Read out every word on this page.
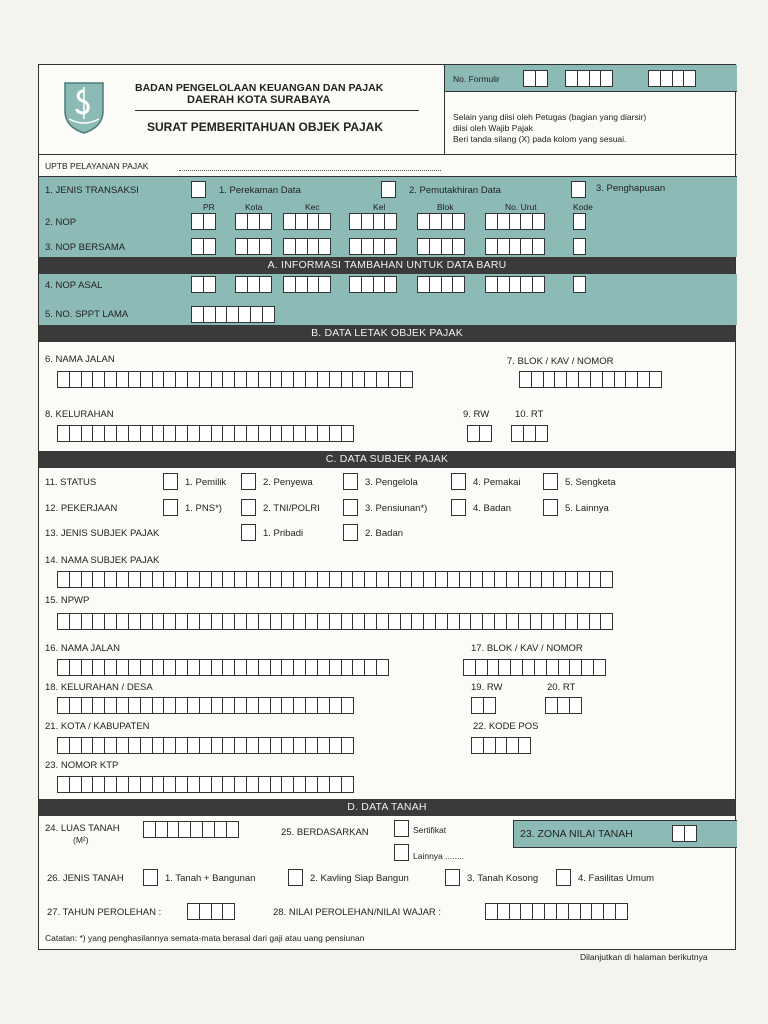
BADAN PENGELOLAAN KEUANGAN DAN PAJAK
DAERAH KOTA SURABAYA
SURAT PEMBERITAHUAN OBJEK PAJAK
No. Formulir
Selain yang diisi oleh Petugas (bagian yang diarsir)
diisi oleh Wajib Pajak
Beri tanda silang (X) pada kolom yang sesuai.
UPTB PELAYANAN PAJAK
1. JENIS TRANSAKSI	1. Perekaman Data	2. Pemutakhiran Data	3. Penghapusan
PR	Kota	Kec	Kel	Blok	No. Urut	Kode
2. NOP
3. NOP BERSAMA
A. INFORMASI TAMBAHAN UNTUK DATA BARU
4. NOP ASAL
5. NO. SPPT LAMA
B. DATA LETAK OBJEK PAJAK
6. NAMA JALAN	7. BLOK / KAV / NOMOR
8. KELURAHAN	9. RW	10. RT
C. DATA SUBJEK PAJAK
11. STATUS
12. PEKERJAAN
13. JENIS SUBJEK PAJAK
14. NAMA SUBJEK PAJAK
15. NPWP
16. NAMA JALAN	17. BLOK / KAV / NOMOR
18. KELURAHAN / DESA	19. RW	20. RT
21. KOTA / KABUPATEN	22. KODE POS
23. NOMOR KTP
D. DATA TANAH
24. LUAS TANAH
(M²)
25. BERDASARKAN	Sertifikat
Lainnya ........
23. ZONA NILAI TANAH
26. JENIS TANAH
27. TAHUN PEROLEHAN :	28. NILAI PEROLEHAN/NILAI WAJAR :
Catatan: *) yang penghasilannya semata-mata berasal dari gaji atau uang pensiunan
1. Pemilik	2. Penyewa	3. Pengelola	4. Pemakai	5. Sengketa
1. PNS*)	2. TNI/POLRI	3. Pensiunan*)	4. Badan	5. Lainnya
1. Pribadi	2. Badan
1. Tanah + Bangunan	2. Kavling Siap Bangun	3. Tanah Kosong	4. Fasilitas Umum
Dilanjutkan di halaman berikutnya
